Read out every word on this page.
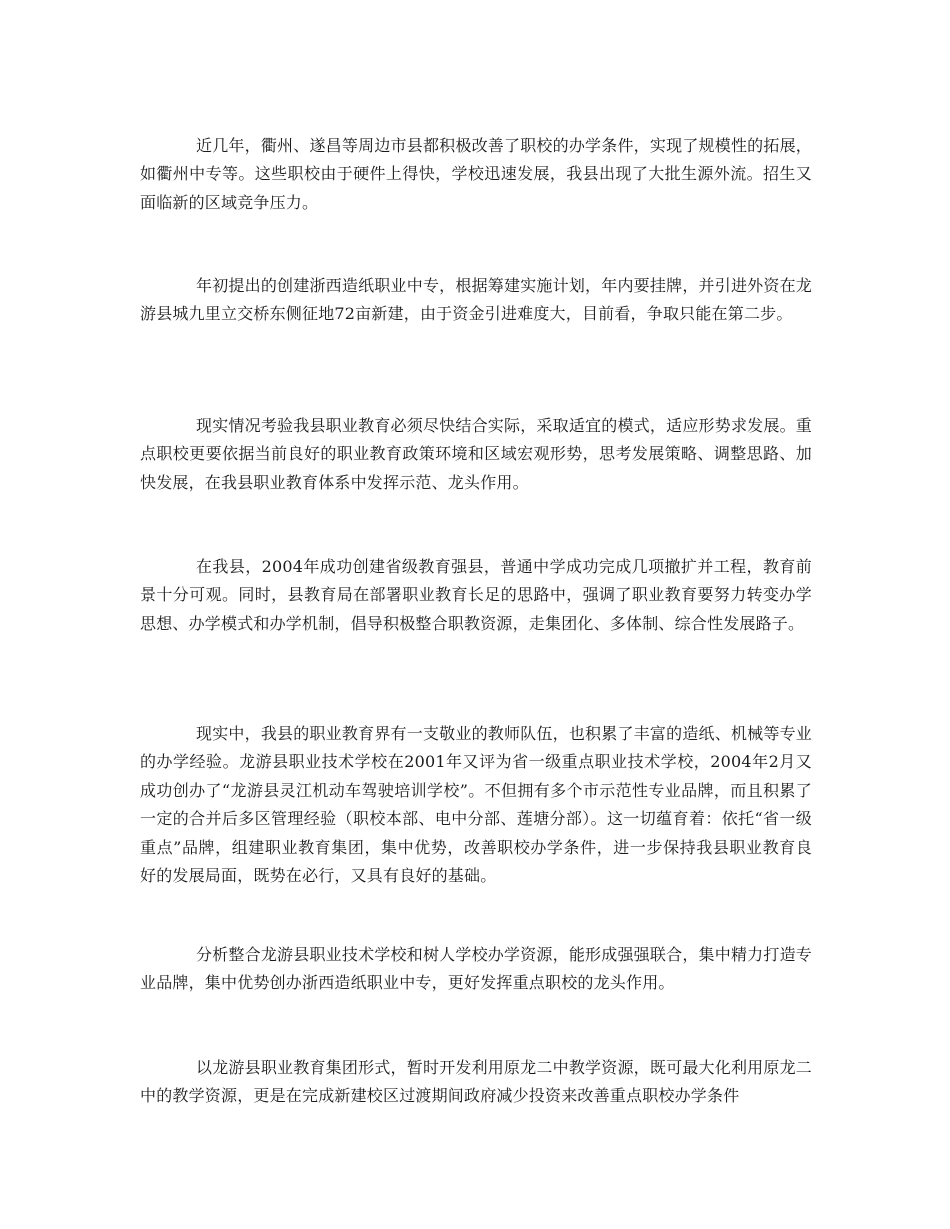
近几年，衢州、遂昌等周边市县都积极改善了职校的办学条件，实现了规模性的拓展，如衢州中专等。这些职校由于硬件上得快，学校迅速发展，我县出现了大批生源外流。招生又面临新的区域竞争压力。

年初提出的创建浙西造纸职业中专，根据筹建实施计划，年内要挂牌，并引进外资在龙游县城九里立交桥东侧征地72亩新建，由于资金引进难度大，目前看，争取只能在第二步。

现实情况考验我县职业教育必须尽快结合实际，采取适宜的模式，适应形势求发展。重点职校更要依据当前良好的职业教育政策环境和区域宏观形势，思考发展策略、调整思路、加快发展，在我县职业教育体系中发挥示范、龙头作用。

在我县，2004年成功创建省级教育强县，普通中学成功完成几项撤扩并工程，教育前景十分可观。同时，县教育局在部署职业教育长足的思路中，强调了职业教育要努力转变办学思想、办学模式和办学机制，倡导积极整合职教资源，走集团化、多体制、综合性发展路子。

现实中，我县的职业教育界有一支敬业的教师队伍，也积累了丰富的造纸、机械等专业的办学经验。龙游县职业技术学校在2001年又评为省一级重点职业技术学校，2004年2月又成功创办了“龙游县灵江机动车驾驶培训学校”。不但拥有多个市示范性专业品牌，而且积累了一定的合并后多区管理经验（职校本部、电中分部、莲塘分部）。这一切蕴育着：依托“省一级重点”品牌，组建职业教育集团，集中优势，改善职校办学条件，进一步保持我县职业教育良好的发展局面，既势在必行，又具有良好的基础。

分析整合龙游县职业技术学校和树人学校办学资源，能形成强强联合，集中精力打造专业品牌，集中优势创办浙西造纸职业中专，更好发挥重点职校的龙头作用。

以龙游县职业教育集团形式，暂时开发利用原龙二中教学资源，既可最大化利用原龙二中的教学资源，更是在完成新建校区过渡期间政府减少投资来改善重点职校办学条件
